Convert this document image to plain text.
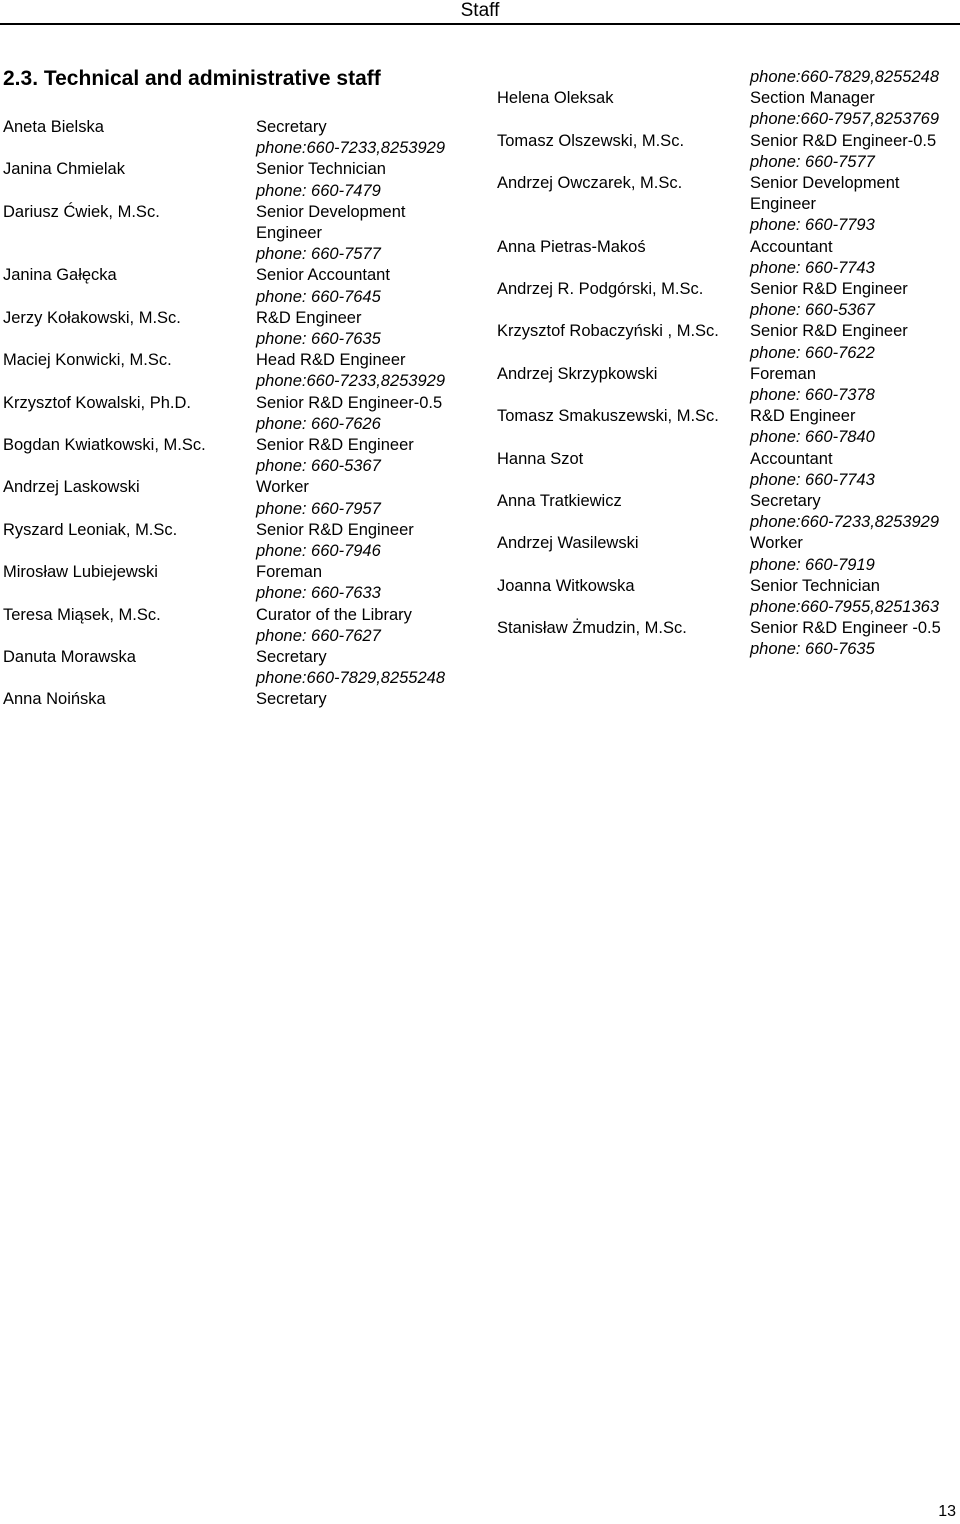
Staff
2.3. Technical and administrative staff
Aneta Bielska	Secretary
phone:660-7233,8253929
Janina Chmielak	Senior Technician
phone: 660-7479
Dariusz Ćwiek, M.Sc.	Senior Development
Engineer
phone: 660-7577
Janina Gałęcka	Senior Accountant
phone: 660-7645
Jerzy Kołakowski, M.Sc.	R&D Engineer
phone: 660-7635
Maciej Konwicki, M.Sc.	Head R&D Engineer
phone:660-7233,8253929
Krzysztof Kowalski, Ph.D.	Senior R&D Engineer-0.5
phone: 660-7626
Bogdan Kwiatkowski, M.Sc.	Senior R&D Engineer
phone: 660-5367
Andrzej Laskowski	Worker
phone: 660-7957
Ryszard Leoniak, M.Sc.	Senior R&D Engineer
phone: 660-7946
Mirosław Lubiejewski	Foreman
phone: 660-7633
Teresa Miąsek, M.Sc.	Curator of the Library
phone: 660-7627
Danuta Morawska	Secretary
phone:660-7829,8255248
Anna Noińska	Secretary
phone:660-7829,8255248
Helena Oleksak	Section Manager
phone:660-7957,8253769
Tomasz Olszewski, M.Sc.	Senior R&D Engineer-0.5
phone: 660-7577
Andrzej Owczarek, M.Sc.	Senior Development
Engineer
phone: 660-7793
Anna Pietras-Makoś	Accountant
phone: 660-7743
Andrzej R. Podgórski, M.Sc.	Senior R&D Engineer
phone: 660-5367
Krzysztof Robaczyński , M.Sc. Senior R&D Engineer
phone: 660-7622
Andrzej Skrzypkowski	Foreman
phone: 660-7378
Tomasz Smakuszewski, M.Sc. R&D Engineer
phone: 660-7840
Hanna Szot	Accountant
phone: 660-7743
Anna Tratkiewicz	Secretary
phone:660-7233,8253929
Andrzej Wasilewski	Worker
phone: 660-7919
Joanna Witkowska	Senior Technician
phone:660-7955,8251363
Stanisław Żmudzin, M.Sc.	Senior R&D Engineer -0.5
phone: 660-7635
13
